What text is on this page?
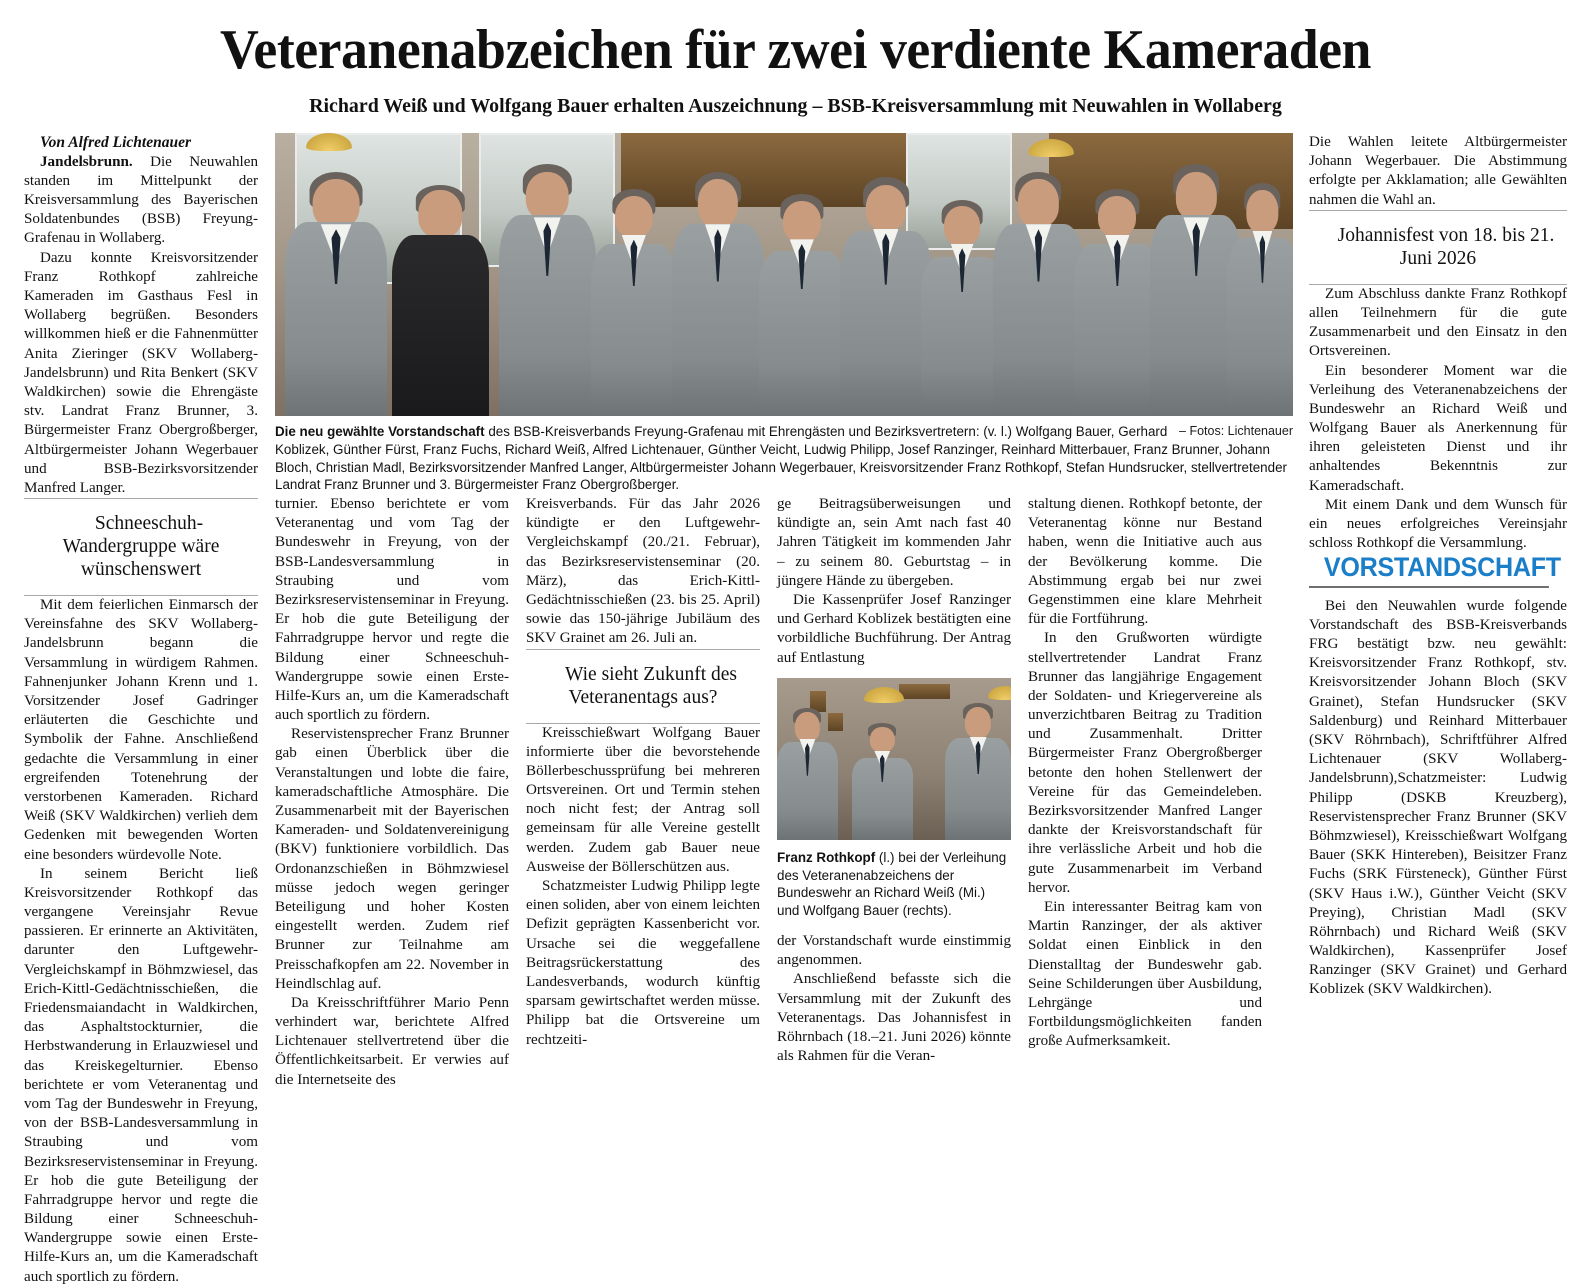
Veteranenabzeichen für zwei verdiente Kameraden
Richard Weiß und Wolfgang Bauer erhalten Auszeichnung – BSB-Kreisversammlung mit Neuwahlen in Wollaberg
– Fotos: Lichtenauer
Die neu gewählte Vorstandschaft des BSB-Kreisverbands Freyung-Grafenau mit Ehrengästen und Bezirksvertretern: (v. l.) Wolfgang Bauer, Gerhard Koblizek, Günther Fürst, Franz Fuchs, Richard Weiß, Alfred Lichtenauer, Günther Veicht, Ludwig Philipp, Josef Ranzinger, Reinhard Mitterbauer, Franz Brunner, Johann Bloch, Christian Madl, Bezirksvorsitzender Manfred Langer, Altbürgermeister Johann Wegerbauer, Kreisvorsitzender Franz Rothkopf, Stefan Hundsrucker, stellvertretender Landrat Franz Brunner und 3. Bürgermeister Franz Obergroßberger.

Von Alfred Lichtenauer

Jandelsbrunn. Die Neuwahlen standen im Mittelpunkt der Kreisversammlung des Bayerischen Soldatenbundes (BSB) Freyung-Grafenau in Wollaberg.

Dazu konnte Kreisvorsitzender Franz Rothkopf zahlreiche Kameraden im Gasthaus Fesl in Wollaberg begrüßen. Besonders willkommen hieß er die Fahnenmütter Anita Zieringer (SKV Wollaberg-Jandelsbrunn) und Rita Benkert (SKV Waldkirchen) sowie die Ehrengäste stv. Landrat Franz Brunner, 3. Bürgermeister Franz Obergroßberger, Altbürgermeister Johann Wegerbauer und BSB-Bezirksvorsitzender Manfred Langer.

Schneeschuh-Wandergruppe wäre wünschenswert

Mit dem feierlichen Einmarsch der Vereinsfahne des SKV Wollaberg-Jandelsbrunn begann die Versammlung in würdigem Rahmen. Fahnenjunker Johann Krenn und 1. Vorsitzender Josef Gadringer erläuterten die Geschichte und Symbolik der Fahne. Anschließend gedachte die Versammlung in einer ergreifenden Totenehrung der verstorbenen Kameraden. Richard Weiß (SKV Waldkirchen) verlieh dem Gedenken mit bewegenden Worten eine besonders würdevolle Note.

In seinem Bericht ließ Kreisvorsitzender Rothkopf das vergangene Vereinsjahr Revue passieren. Er erinnerte an Aktivitäten, darunter den Luftgewehr-Vergleichskampf in Böhmzwiesel, das Erich-Kittl-Gedächtnisschießen, die Friedensmaiandacht in Waldkirchen, das Asphaltstockturnier, die Herbstwanderung in Erlauzwiesel und das Kreiskegelturnier. Ebenso berichtete er vom Veteranentag und vom Tag der Bundeswehr in Freyung, von der BSB-Landesversammlung in Straubing und vom Bezirksreservistenseminar in Freyung. Er hob die gute Beteiligung der Fahrradgruppe hervor und regte die Bildung einer Schneeschuh-Wandergruppe sowie einen Erste-Hilfe-Kurs an, um die Kameradschaft auch sportlich zu fördern.

turnier. Ebenso berichtete er vom Veteranentag und vom Tag der Bundeswehr in Freyung, von der BSB-Landesversammlung in Straubing und vom Bezirksreservistenseminar in Freyung. Er hob die gute Beteiligung der Fahrradgruppe hervor und regte die Bildung einer Schneeschuh-Wandergruppe sowie einen Erste-Hilfe-Kurs an, um die Kameradschaft auch sportlich zu fördern.

Reservistensprecher Franz Brunner gab einen Überblick über die Veranstaltungen und lobte die faire, kameradschaftliche Atmosphäre. Die Zusammenarbeit mit der Bayerischen Kameraden- und Soldatenvereinigung (BKV) funktioniere vorbildlich. Das Ordonanzschießen in Böhmzwiesel müsse jedoch wegen geringer Beteiligung und hoher Kosten eingestellt werden. Zudem rief Brunner zur Teilnahme am Preisschafkopfen am 22. November in Heindlschlag auf.

Da Kreisschriftführer Mario Penn verhindert war, berichtete Alfred Lichtenauer stellvertretend über die Öffentlichkeitsarbeit. Er verwies auf die Internetseite des

Kreisverbands. Für das Jahr 2026 kündigte er den Luftgewehr-Vergleichskampf (20./21. Februar), das Bezirksreservistenseminar (20. März), das Erich-Kittl-Gedächtnisschießen (23. bis 25. April) sowie das 150-jährige Jubiläum des SKV Grainet am 26. Juli an.

Wie sieht Zukunft des Veteranentags aus?

Kreisschießwart Wolfgang Bauer informierte über die bevorstehende Böllerbeschussprüfung bei mehreren Ortsvereinen. Ort und Termin stehen noch nicht fest; der Antrag soll gemeinsam für alle Vereine gestellt werden. Zudem gab Bauer neue Ausweise der Böllerschützen aus.

Schatzmeister Ludwig Philipp legte einen soliden, aber von einem leichten Defizit geprägten Kassenbericht vor. Ursache sei die weggefallene Beitragsrückerstattung des Landesverbands, wodurch künftig sparsam gewirtschaftet werden müsse. Philipp bat die Ortsvereine um rechtzeiti-

ge Beitragsüberweisungen und kündigte an, sein Amt nach fast 40 Jahren Tätigkeit im kommenden Jahr – zu seinem 80. Geburtstag – in jüngere Hände zu übergeben.

Die Kassenprüfer Josef Ranzinger und Gerhard Koblizek bestätigten eine vorbildliche Buchführung. Der Antrag auf Entlastung

Franz Rothkopf (l.) bei der Verleihung des Veteranenabzeichens der Bundeswehr an Richard Weiß (Mi.) und Wolfgang Bauer (rechts).

der Vorstandschaft wurde einstimmig angenommen.

Anschließend befasste sich die Versammlung mit der Zukunft des Veteranentags. Das Johannisfest in Röhrnbach (18.–21. Juni 2026) könnte als Rahmen für die Veran-

staltung dienen. Rothkopf betonte, der Veteranentag könne nur Bestand haben, wenn die Initiative auch aus der Bevölkerung komme. Die Abstimmung ergab bei nur zwei Gegenstimmen eine klare Mehrheit für die Fortführung.

In den Grußworten würdigte stellvertretender Landrat Franz Brunner das langjährige Engagement der Soldaten- und Kriegervereine als unverzichtbaren Beitrag zu Tradition und Zusammenhalt. Dritter Bürgermeister Franz Obergroßberger betonte den hohen Stellenwert der Vereine für das Gemeindeleben. Bezirksvorsitzender Manfred Langer dankte der Kreisvorstandschaft für ihre verlässliche Arbeit und hob die gute Zusammenarbeit im Verband hervor.

Ein interessanter Beitrag kam von Martin Ranzinger, der als aktiver Soldat einen Einblick in den Dienstalltag der Bundeswehr gab. Seine Schilderungen über Ausbildung, Lehrgänge und Fortbildungsmöglichkeiten fanden große Aufmerksamkeit.

Die Wahlen leitete Altbürgermeister Johann Wegerbauer. Die Abstimmung erfolgte per Akklamation; alle Gewählten nahmen die Wahl an.

Johannisfest von 18. bis 21. Juni 2026

Zum Abschluss dankte Franz Rothkopf allen Teilnehmern für die gute Zusammenarbeit und den Einsatz in den Ortsvereinen.

Ein besonderer Moment war die Verleihung des Veteranenabzeichens der Bundeswehr an Richard Weiß und Wolfgang Bauer als Anerkennung für ihren geleisteten Dienst und ihr anhaltendes Bekenntnis zur Kameradschaft.

Mit einem Dank und dem Wunsch für ein neues erfolgreiches Vereinsjahr schloss Rothkopf die Versammlung.

VORSTANDSCHAFT

Bei den Neuwahlen wurde folgende Vorstandschaft des BSB-Kreisverbands FRG bestätigt bzw. neu gewählt: Kreisvorsitzender Franz Rothkopf, stv. Kreisvorsitzender Johann Bloch (SKV Grainet), Stefan Hundsrucker (SKV Saldenburg) und Reinhard Mitterbauer (SKV Röhrnbach), Schriftführer Alfred Lichtenauer (SKV Wollaberg-Jandelsbrunn),Schatzmeister: Ludwig Philipp (DSKB Kreuzberg), Reservistensprecher Franz Brunner (SKV Böhmzwiesel), Kreisschießwart Wolfgang Bauer (SKK Hintereben), Beisitzer Franz Fuchs (SRK Fürsteneck), Günther Fürst (SKV Haus i.W.), Günther Veicht (SKV Preying), Christian Madl (SKV Röhrnbach) und Richard Weiß (SKV Waldkirchen), Kassenprüfer Josef Ranzinger (SKV Grainet) und Gerhard Koblizek (SKV Waldkirchen).
